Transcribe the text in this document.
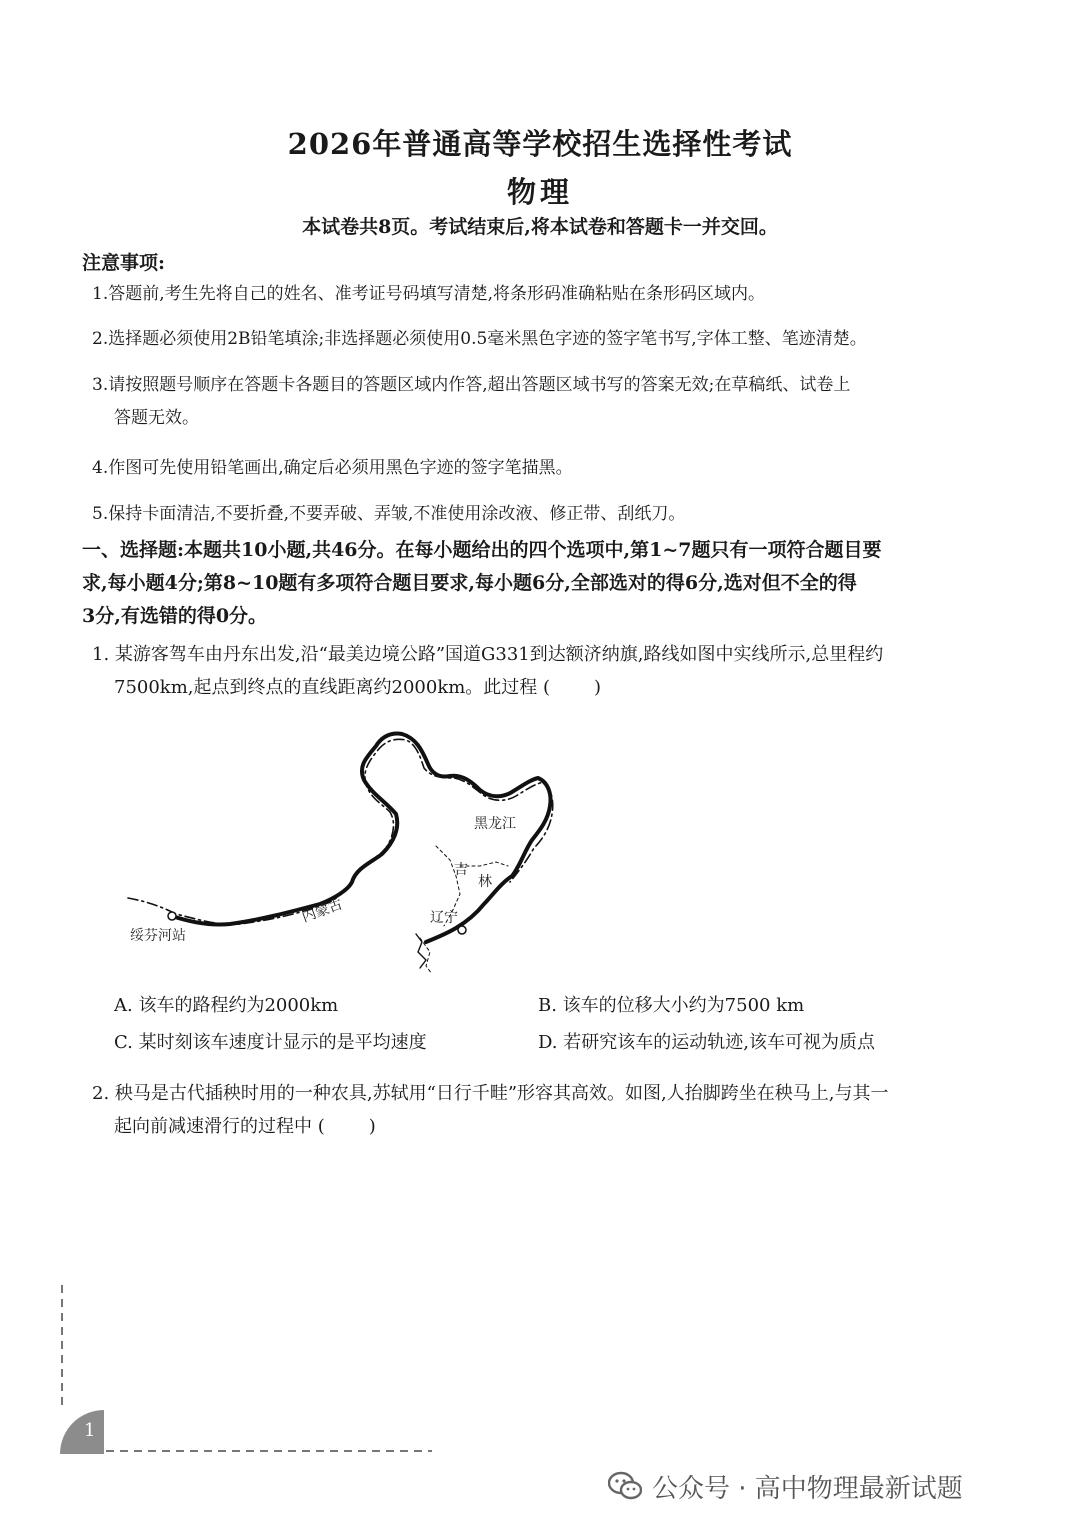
2026年普通高等学校招生选择性考试
物理
本试卷共8页。考试结束后,将本试卷和答题卡一并交回。
注意事项:
1.答题前,考生先将自己的姓名、准考证号码填写清楚,将条形码准确粘贴在条形码区域内。
2.选择题必须使用2B铅笔填涂;非选择题必须使用0.5毫米黑色字迹的签字笔书写,字体工整、笔迹清楚。
3.请按照题号顺序在答题卡各题目的答题区域内作答,超出答题区域书写的答案无效;在草稿纸、试卷上
答题无效。
4.作图可先使用铅笔画出,确定后必须用黑色字迹的签字笔描黑。
5.保持卡面清洁,不要折叠,不要弄破、弄皱,不准使用涂改液、修正带、刮纸刀。
一、选择题:本题共10小题,共46分。在每小题给出的四个选项中,第1~7题只有一项符合题目要
求,每小题4分;第8~10题有多项符合题目要求,每小题6分,全部选对的得6分,选对但不全的得
3分,有选错的得0分。
1. 某游客驾车由丹东出发,沿“最美边境公路”国道G331到达额济纳旗,路线如图中实线所示,总里程约
7500km,起点到终点的直线距离约2000km。此过程 ( )
黑龙江
吉
林
辽宁
内蒙古
绥芬河站
A. 该车的路程约为2000km	B. 该车的位移大小约为7500 km
C. 某时刻该车速度计显示的是平均速度	D. 若研究该车的运动轨迹,该车可视为质点
2. 秧马是古代插秧时用的一种农具,苏轼用“日行千畦”形容其高效。如图,人抬脚跨坐在秧马上,与其一
起向前减速滑行的过程中 ( )
1
公众号 · 高中物理最新试题
